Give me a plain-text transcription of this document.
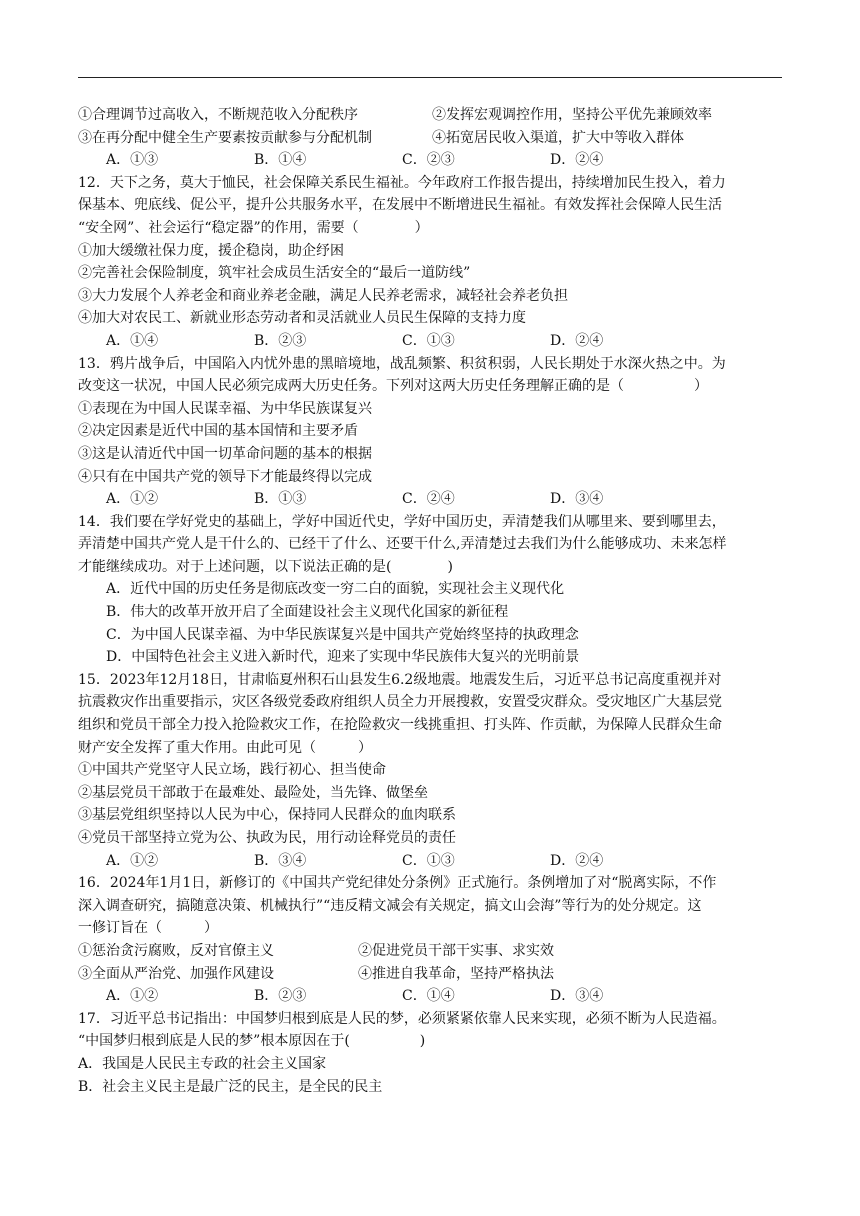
①合理调节过高收入，不断规范收入分配秩序	②发挥宏观调控作用，坚持公平优先兼顾效率
③在再分配中健全生产要素按贡献参与分配机制	④拓宽居民收入渠道，扩大中等收入群体
A．①③	B．①④	C．②③	D．②④
12．天下之务，莫大于恤民，社会保障关系民生福祉。今年政府工作报告提出，持续增加民生投入，着力
保基本、兜底线、促公平，提升公共服务水平，在发展中不断增进民生福祉。有效发挥社会保障人民生活
“安全网”、社会运行“稳定器”的作用，需要（　　　　）
①加大缓缴社保力度，援企稳岗，助企纾困
②完善社会保险制度，筑牢社会成员生活安全的“最后一道防线”
③大力发展个人养老金和商业养老金融，满足人民养老需求，减轻社会养老负担
④加大对农民工、新就业形态劳动者和灵活就业人员民生保障的支持力度
A．①④	B．②③	C．①③	D．②④
13．鸦片战争后，中国陷入内忧外患的黑暗境地，战乱频繁、积贫积弱，人民长期处于水深火热之中。为
改变这一状况，中国人民必须完成两大历史任务。下列对这两大历史任务理解正确的是（　　　　　）
①表现在为中国人民谋幸福、为中华民族谋复兴
②决定因素是近代中国的基本国情和主要矛盾
③这是认清近代中国一切革命问题的基本的根据
④只有在中国共产党的领导下才能最终得以完成
A．①②	B．①③	C．②④	D．③④
14．我们要在学好党史的基础上，学好中国近代史，学好中国历史，弄清楚我们从哪里来、要到哪里去，
弄清楚中国共产党人是干什么的、已经干了什么、还要干什么,弄清楚过去我们为什么能够成功、未来怎样
才能继续成功。对于上述问题，以下说法正确的是(　　　　)
A．近代中国的历史任务是彻底改变一穷二白的面貌，实现社会主义现代化
B．伟大的改革开放开启了全面建设社会主义现代化国家的新征程
C．为中国人民谋幸福、为中华民族谋复兴是中国共产党始终坚持的执政理念
D．中国特色社会主义进入新时代，迎来了实现中华民族伟大复兴的光明前景
15．2023年12月18日，甘肃临夏州积石山县发生6.2级地震。地震发生后，习近平总书记高度重视并对
抗震救灾作出重要指示，灾区各级党委政府组织人员全力开展搜救，安置受灾群众。受灾地区广大基层党
组织和党员干部全力投入抢险救灾工作，在抢险救灾一线挑重担、打头阵、作贡献，为保障人民群众生命
财产安全发挥了重大作用。由此可见（　　　）
①中国共产党坚守人民立场，践行初心、担当使命
②基层党员干部敢于在最难处、最险处，当先锋、做堡垒
③基层党组织坚持以人民为中心，保持同人民群众的血肉联系
④党员干部坚持立党为公、执政为民，用行动诠释党员的责任
A．①②	B．③④	C．①③	D．②④
16．2024年1月1日，新修订的《中国共产党纪律处分条例》正式施行。条例增加了对“脱离实际，不作
深入调查研究，搞随意决策、机械执行”“违反精文减会有关规定，搞文山会海”等行为的处分规定。这
一修订旨在（　　　）
①惩治贪污腐败，反对官僚主义	②促进党员干部干实事、求实效
③全面从严治党、加强作风建设	④推进自我革命，坚持严格执法
A．①②	B．②③	C．①④	D．③④
17．习近平总书记指出：中国梦归根到底是人民的梦，必须紧紧依靠人民来实现，必须不断为人民造福。
“中国梦归根到底是人民的梦”根本原因在于(　　　　　)
A．我国是人民民主专政的社会主义国家
B．社会主义民主是最广泛的民主，是全民的民主
